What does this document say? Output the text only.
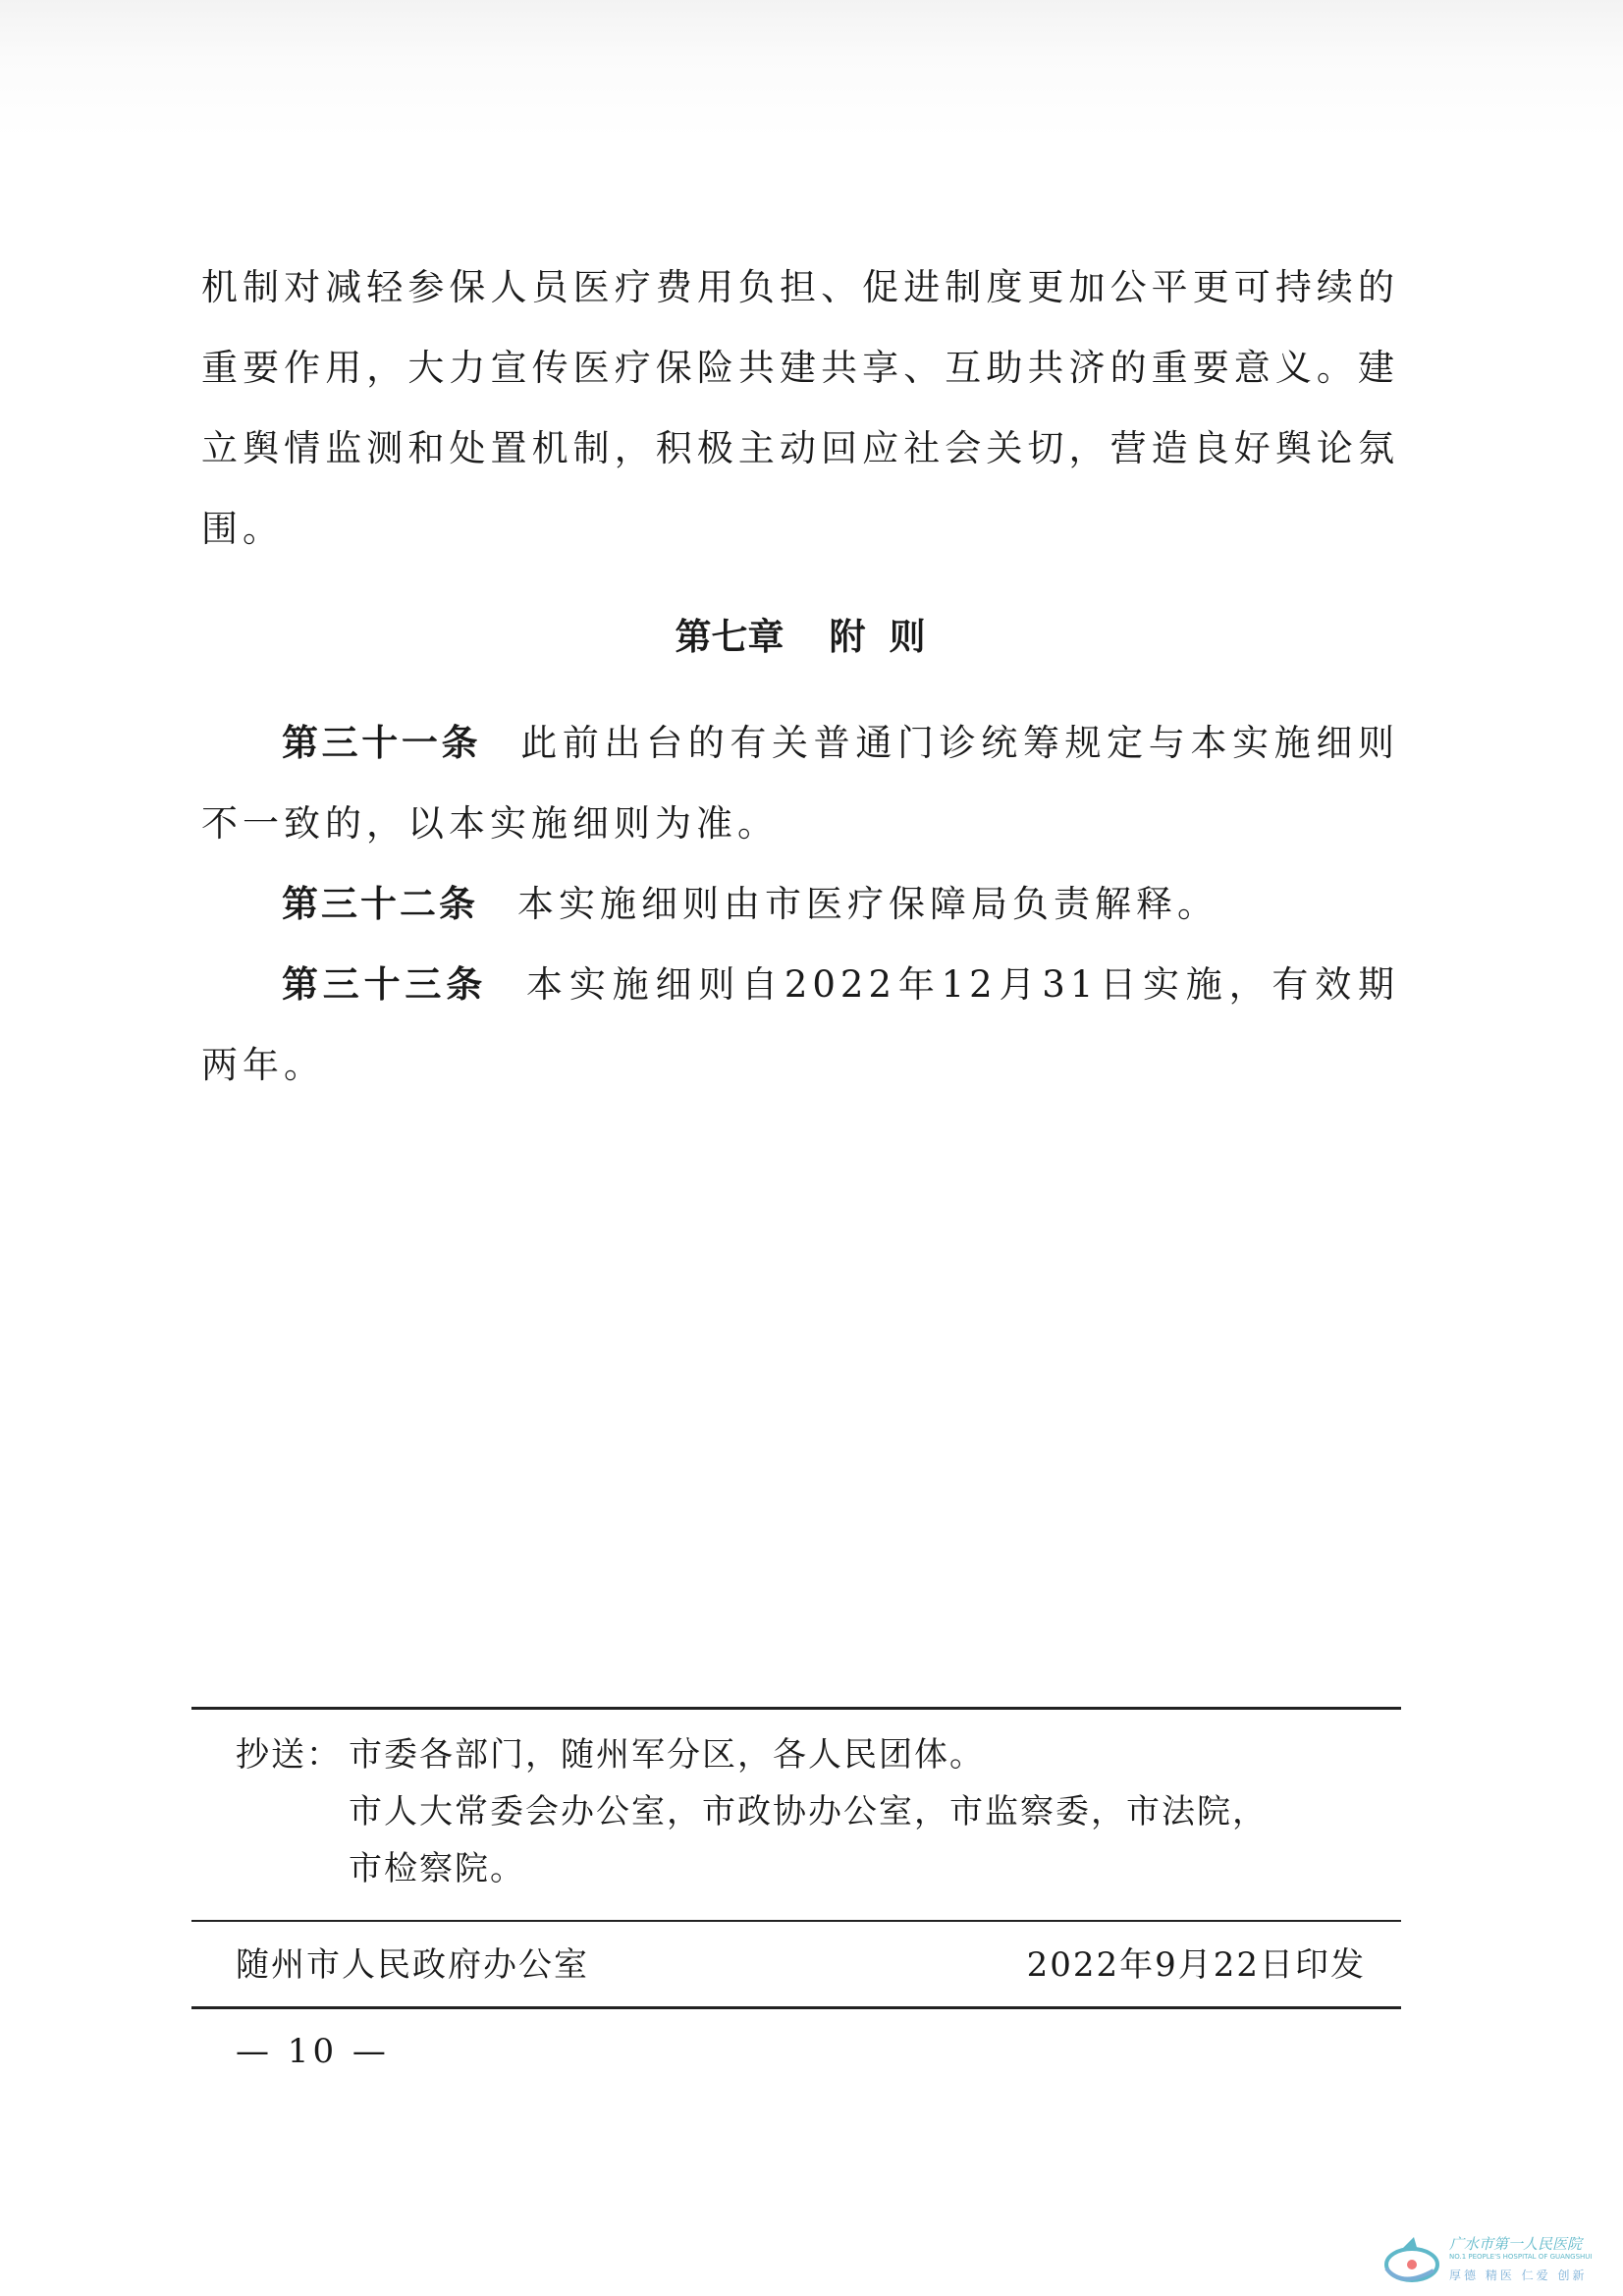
机制对减轻参保人员医疗费用负担、促进制度更加公平更可持续的重要作用，大力宣传医疗保险共建共享、互助共济的重要意义。建立舆情监测和处置机制，积极主动回应社会关切，营造良好舆论氛围。
第七章 附 则
第三十一条 此前出台的有关普通门诊统筹规定与本实施细则不一致的，以本实施细则为准。
第三十二条 本实施细则由市医疗保障局负责解释。
第三十三条 本实施细则自2022年12月31日实施，有效期两年。
抄送： 市委各部门，随州军分区，各人民团体。
市人大常委会办公室，市政协办公室，市监察委，市法院，
市检察院。
随州市人民政府办公室	2022年9月22日印发
— 10 —
广水市第一人民医院
NO.1 PEOPLE'S HOSPITAL OF GUANGSHUI
厚德 精医 仁爱 创新
